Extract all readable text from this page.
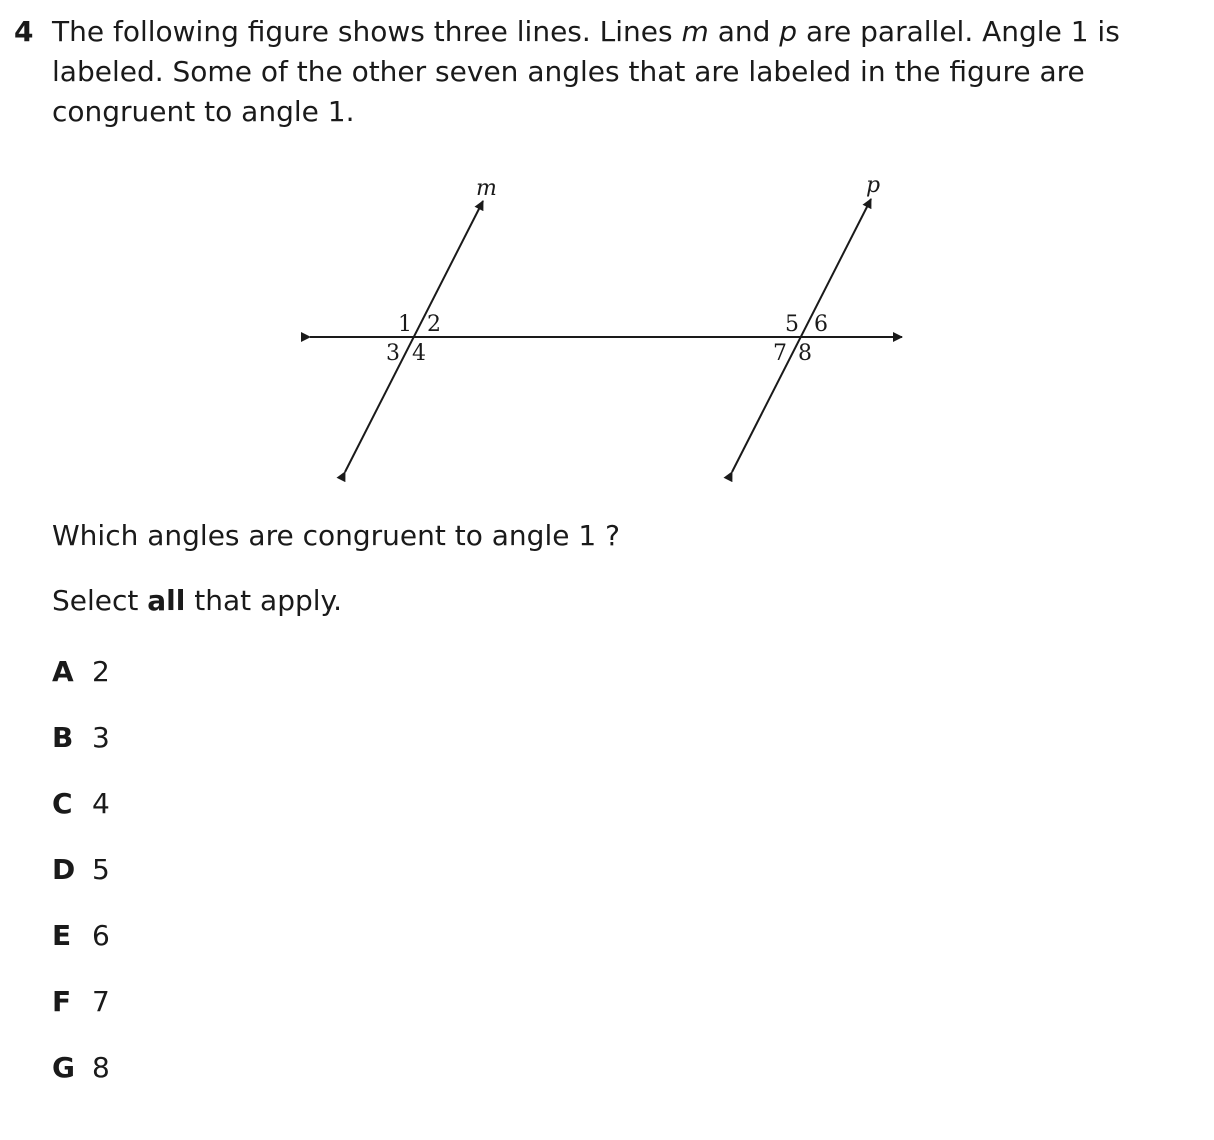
4 The following figure shows three lines. Lines m and p are parallel. Angle 1 is
labeled. Some of the other seven angles that are labeled in the figure are
congruent to angle 1.
m	p
1 2
3 4
5 6
7 8
Which angles are congruent to angle 1 ?
Select all that apply.
A 2
B 3
C 4
D 5
E 6
F 7
G 8
